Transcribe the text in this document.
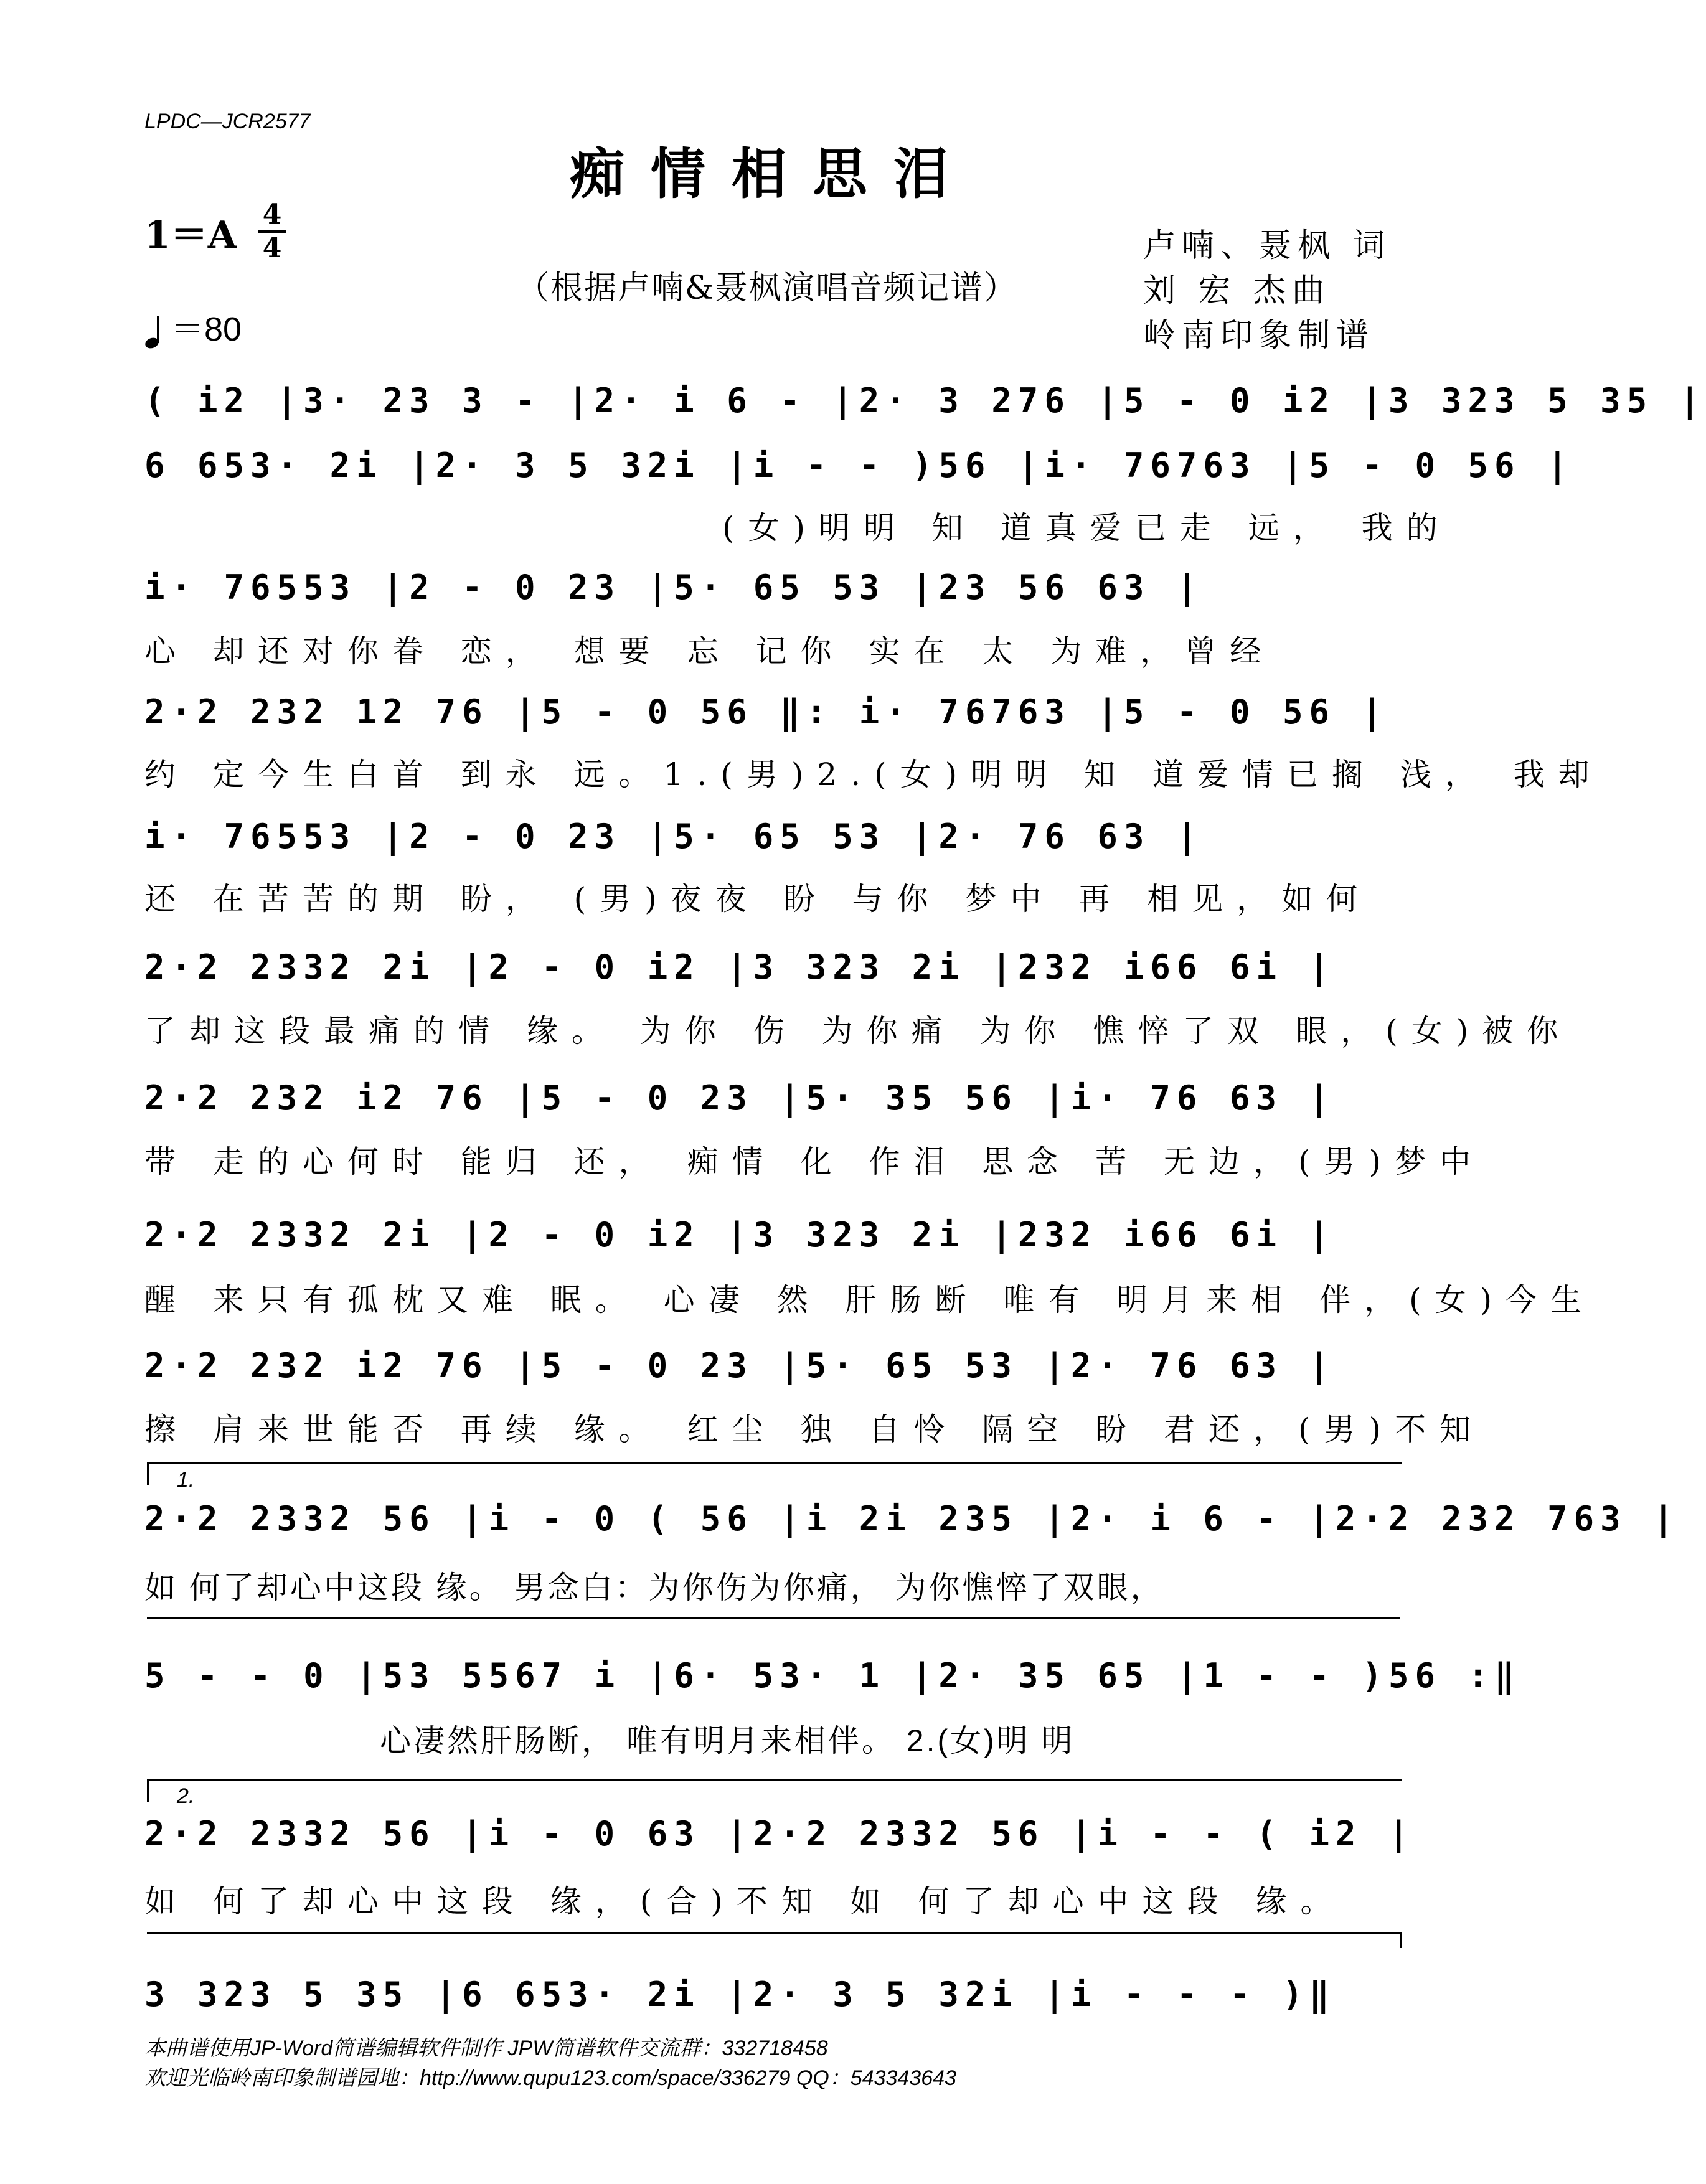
LPDC—JCR2577
痴情相思泪
1＝A 4
4
＝80
卢喃、聂枫 词
刘 宏 杰曲
岭南印象制谱
（根据卢喃&聂枫演唱音频记谱）
( i2 |3· 23 3 - |2· i 6 - |2· 3 276 |5 - 0 i2 |3 323 5 35 |
6 653· 2i |2· 3 5 32i |i - - )56 |i· 76763 |5 - 0 56 |
(女)明明 知 道真爱已走 远， 我的
i· 76553 |2 - 0 23 |5· 65 53 |23 56 63 |
心 却还对你眷 恋， 想要 忘 记你 实在 太 为难，曾经
2·2 232 12 76 |5 - 0 56 ‖: i· 76763 |5 - 0 56 |
约 定今生白首 到永 远。1.(男)2.(女)明明 知 道爱情已搁 浅， 我却
i· 76553 |2 - 0 23 |5· 65 53 |2· 76 63 |
还 在苦苦的期 盼， (男)夜夜 盼 与你 梦中 再 相见，如何
2·2 2332 2i |2 - 0 i2 |3 323 2i |232 i66 6i |
了却这段最痛的情 缘。 为你 伤 为你痛 为你 憔悴了双 眼，(女)被你
2·2 232 i2 76 |5 - 0 23 |5· 35 56 |i· 76 63 |
带 走的心何时 能归 还， 痴情 化 作泪 思念 苦 无边，(男)梦中
2·2 2332 2i |2 - 0 i2 |3 323 2i |232 i66 6i |
醒 来只有孤枕又难 眠。 心凄 然 肝肠断 唯有 明月来相 伴，(女)今生
2·2 232 i2 76 |5 - 0 23 |5· 65 53 |2· 76 63 |
擦 肩来世能否 再续 缘。 红尘 独 自怜 隔空 盼 君还，(男)不知
1.
2·2 2332 56 |i - 0 ( 56 |i 2i 235 |2· i 6 - |2·2 232 763 |
如 何了却心中这段 缘。 男念白：为你伤为你痛， 为你憔悴了双眼，
5 - - 0 |53 5567 i |6· 53· 1 |2· 35 65 |1 - - )56 :‖
心凄然肝肠断， 唯有明月来相伴。 2.(女)明 明
2.
2·2 2332 56 |i - 0 63 |2·2 2332 56 |i - - ( i2 |
如 何了却心中这段 缘，(合)不知 如 何了却心中这段 缘。
3 323 5 35 |6 653· 2i |2· 3 5 32i |i - - - )‖
本曲谱使用JP-Word简谱编辑软件制作 JPW简谱软件交流群：332718458
欢迎光临岭南印象制谱园地：http://www.qupu123.com/space/336279 QQ：543343643
